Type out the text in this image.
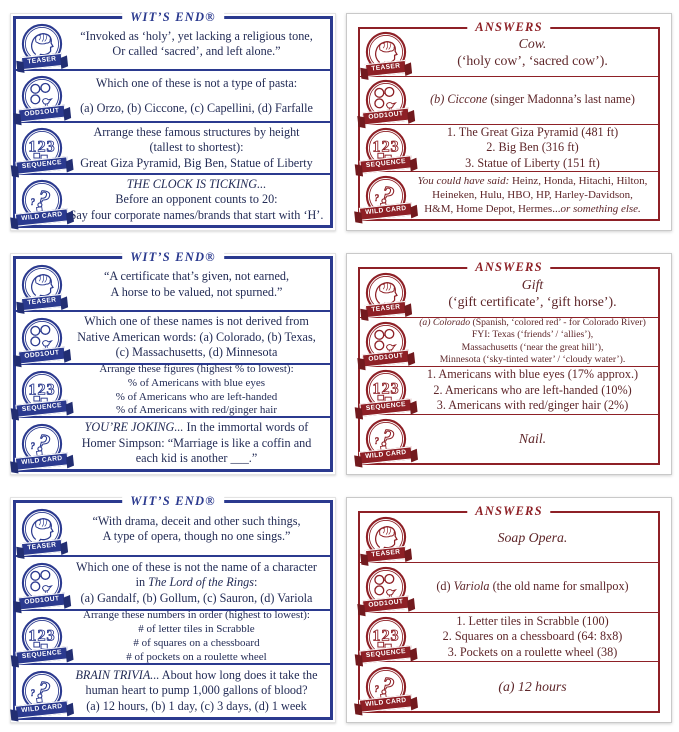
WIT’S END®
TEASER
“Invoked as ‘holy’, yet lacking a religious tone,
Or called ‘sacred’, and left alone.”
ODD1OUT
Which one of these is not a type of pasta:
(a) Orzo, (b) Ciccone, (c) Capellini, (d) Farfalle
SEQUENCE
Arrange these famous structures by height
(tallest to shortest):
Great Giza Pyramid, Big Ben, Statue of Liberty
WILD CARD
THE CLOCK IS TICKING...
Before an opponent counts to 20:
Say four corporate names/brands that start with ‘H’.
ANSWERS
TEASER
Cow.
(‘holy cow’, ‘sacred cow’).
ODD1OUT
(b) Ciccone (singer Madonna’s last name)
SEQUENCE
1. The Great Giza Pyramid (481 ft)
2. Big Ben (316 ft)
3. Statue of Liberty (151 ft)
WILD CARD
You could have said: Heinz, Honda, Hitachi, Hilton,
Heineken, Hulu, HBO, HP, Harley-Davidson,
H&M, Home Depot, Hermes...or something else.
WIT’S END®
TEASER
“A certificate that’s given, not earned,
A horse to be valued, not spurned.”
ODD1OUT
Which one of these names is not derived from
Native American words: (a) Colorado, (b) Texas,
(c) Massachusetts, (d) Minnesota
SEQUENCE
Arrange these figures (highest % to lowest):
% of Americans with blue eyes
% of Americans who are left-handed
% of Americans with red/ginger hair
WILD CARD
YOU’RE JOKING... In the immortal words of
Homer Simpson: “Marriage is like a coffin and
each kid is another ___.”
ANSWERS
TEASER
Gift
(‘gift certificate’, ‘gift horse’).
ODD1OUT
(a) Colorado (Spanish, ‘colored red’ - for Colorado River)
FYI: Texas (‘friends’ / ‘allies’),
Massachusetts (‘near the great hill’),
Minnesota (‘sky-tinted water’ / ‘cloudy water’).
SEQUENCE
1. Americans with blue eyes (17% approx.)
2. Americans who are left-handed (10%)
3. Americans with red/ginger hair (2%)
WILD CARD
Nail.
WIT’S END®
TEASER
“With drama, deceit and other such things,
A type of opera, though no one sings.”
ODD1OUT
Which one of these is not the name of a character
in The Lord of the Rings:
(a) Gandalf, (b) Gollum, (c) Sauron, (d) Variola
SEQUENCE
Arrange these numbers in order (highest to lowest):
# of letter tiles in Scrabble
# of squares on a chessboard
# of pockets on a roulette wheel
WILD CARD
BRAIN TRIVIA... About how long does it take the
human heart to pump 1,000 gallons of blood?
(a) 12 hours, (b) 1 day, (c) 3 days, (d) 1 week
ANSWERS
TEASER
Soap Opera.
ODD1OUT
(d) Variola (the old name for smallpox)
SEQUENCE
1. Letter tiles in Scrabble (100)
2. Squares on a chessboard (64: 8x8)
3. Pockets on a roulette wheel (38)
WILD CARD
(a) 12 hours
